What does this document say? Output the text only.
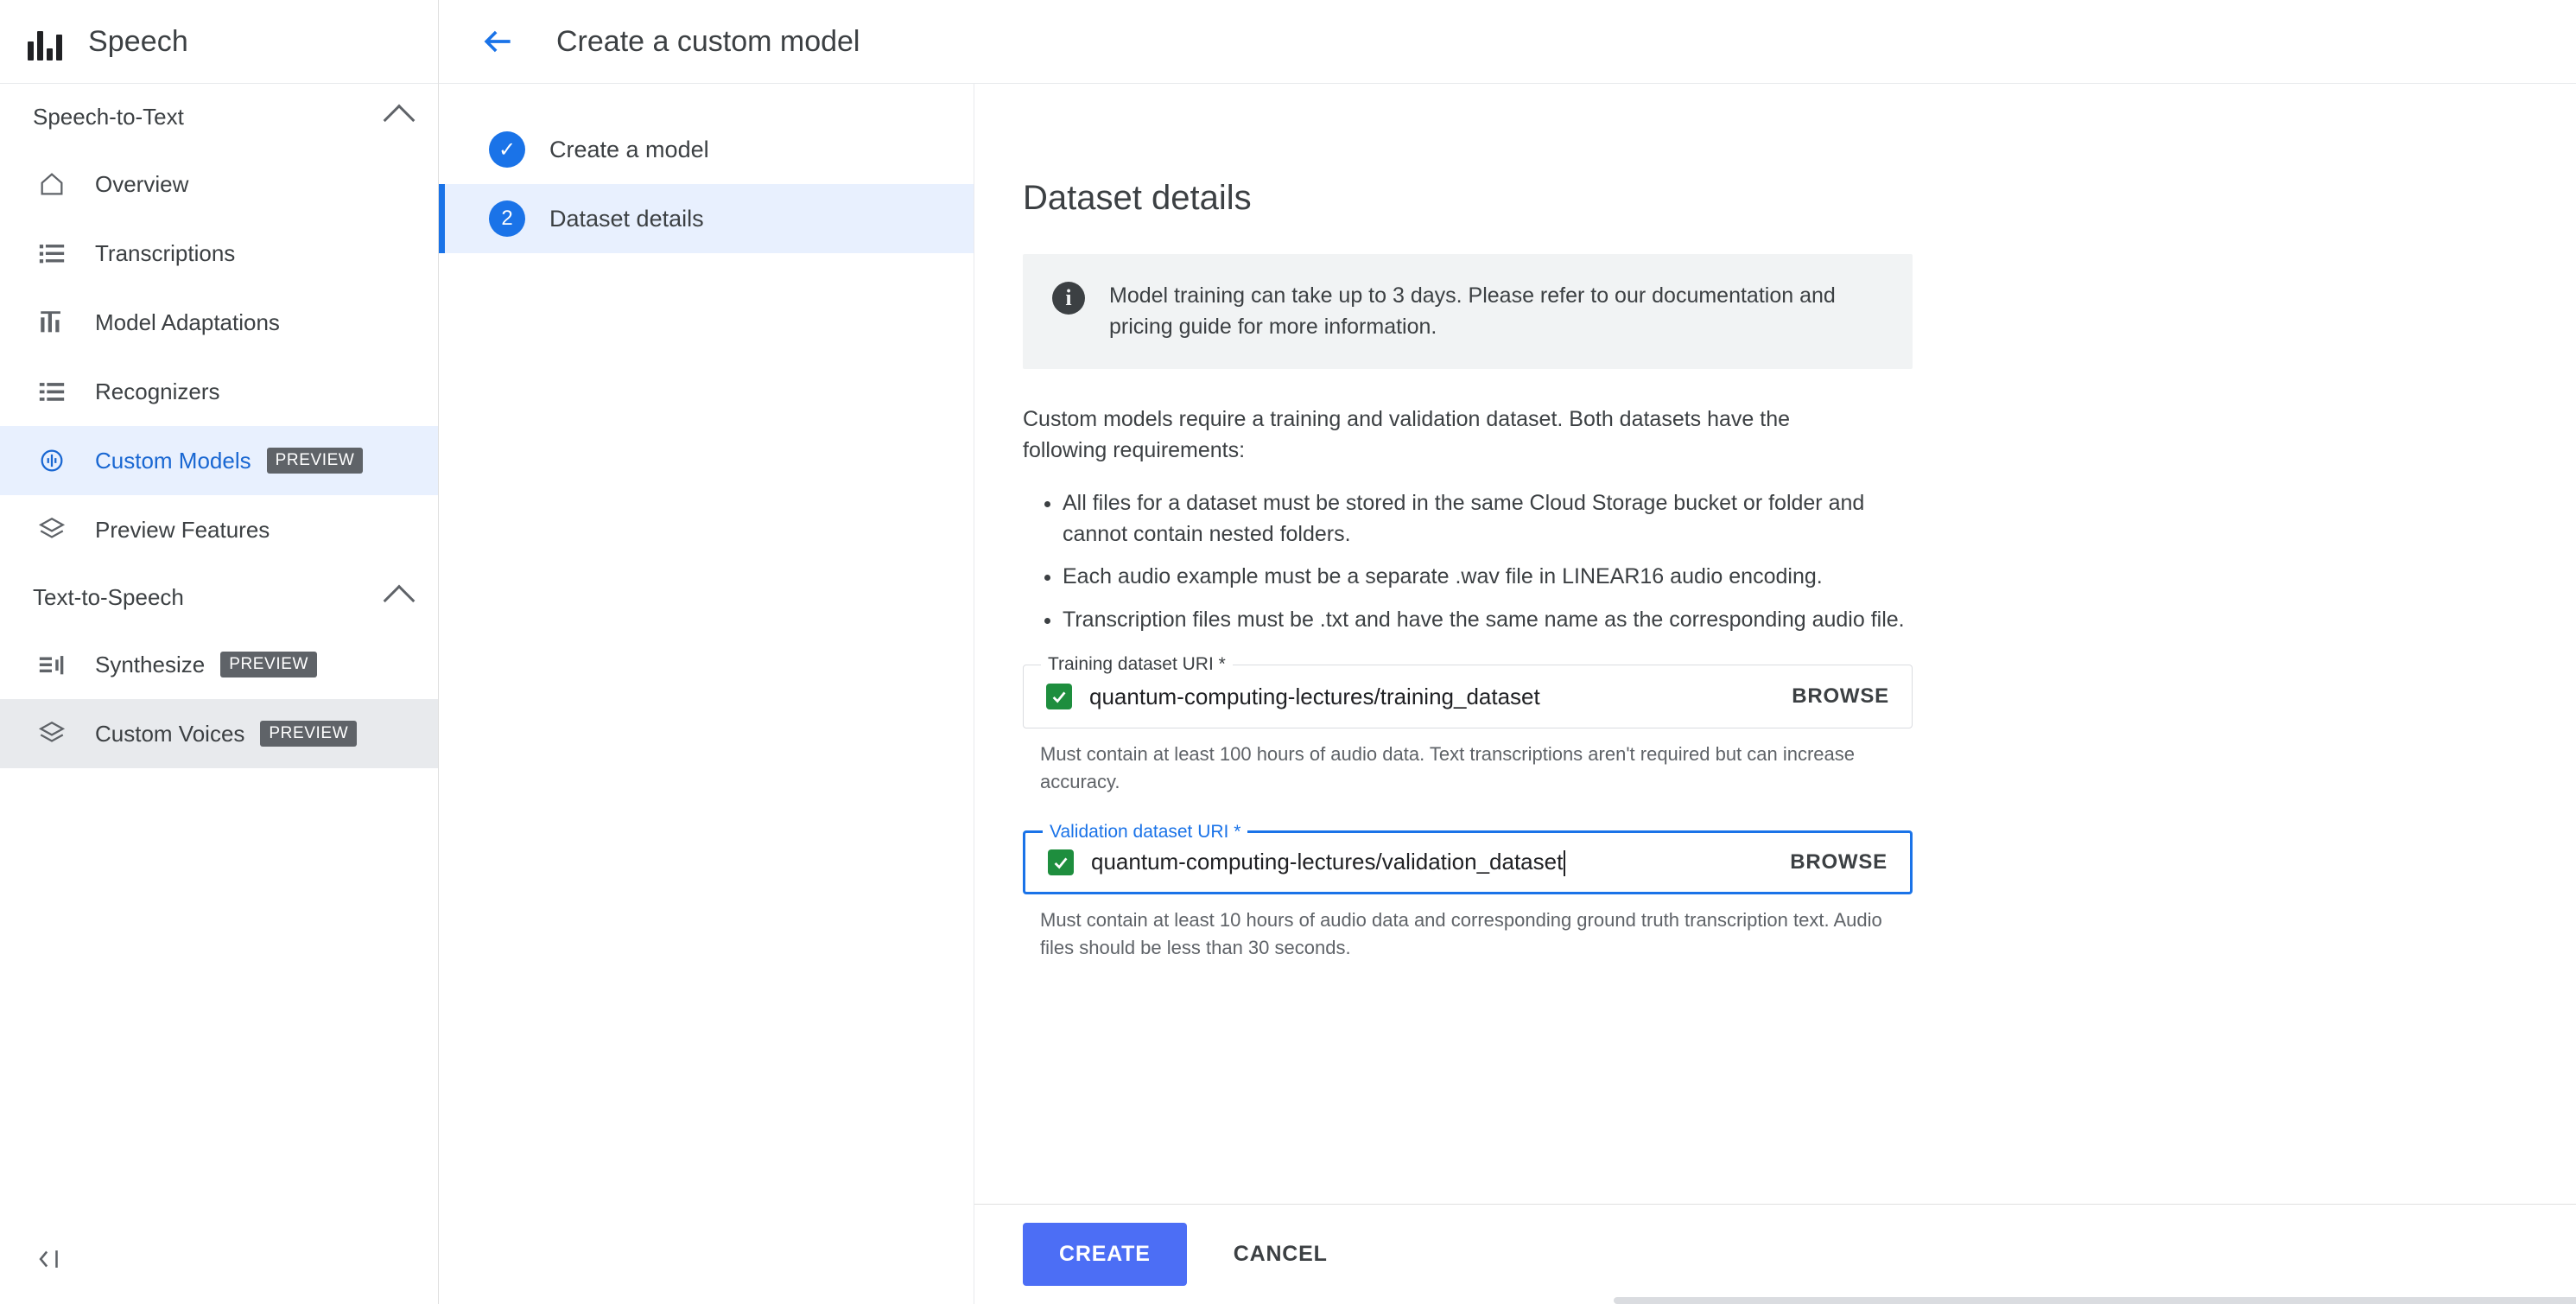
Speech
Speech-to-Text
Overview
Transcriptions
Model Adaptations
Recognizers
Custom Models	PREVIEW
Preview Features
Text-to-Speech
Synthesize	PREVIEW
Custom Voices	PREVIEW
Create a custom model
✓	Create a model
2	Dataset details
Dataset details
i	Model training can take up to 3 days. Please refer to our documentation and pricing guide for more information.

Custom models require a training and validation dataset. Both datasets have the following requirements:

• All files for a dataset must be stored in the same Cloud Storage bucket or folder and cannot contain nested folders.
• Each audio example must be a separate .wav file in LINEAR16 audio encoding.
• Transcription files must be .txt and have the same name as the corresponding audio file.
Training dataset URI *
quantum-computing-lectures/training_dataset	BROWSE
Must contain at least 100 hours of audio data. Text transcriptions aren't required but can increase accuracy.
Validation dataset URI *
quantum-computing-lectures/validation_dataset	BROWSE
Must contain at least 10 hours of audio data and corresponding ground truth transcription text. Audio files should be less than 30 seconds.
CREATE	CANCEL
